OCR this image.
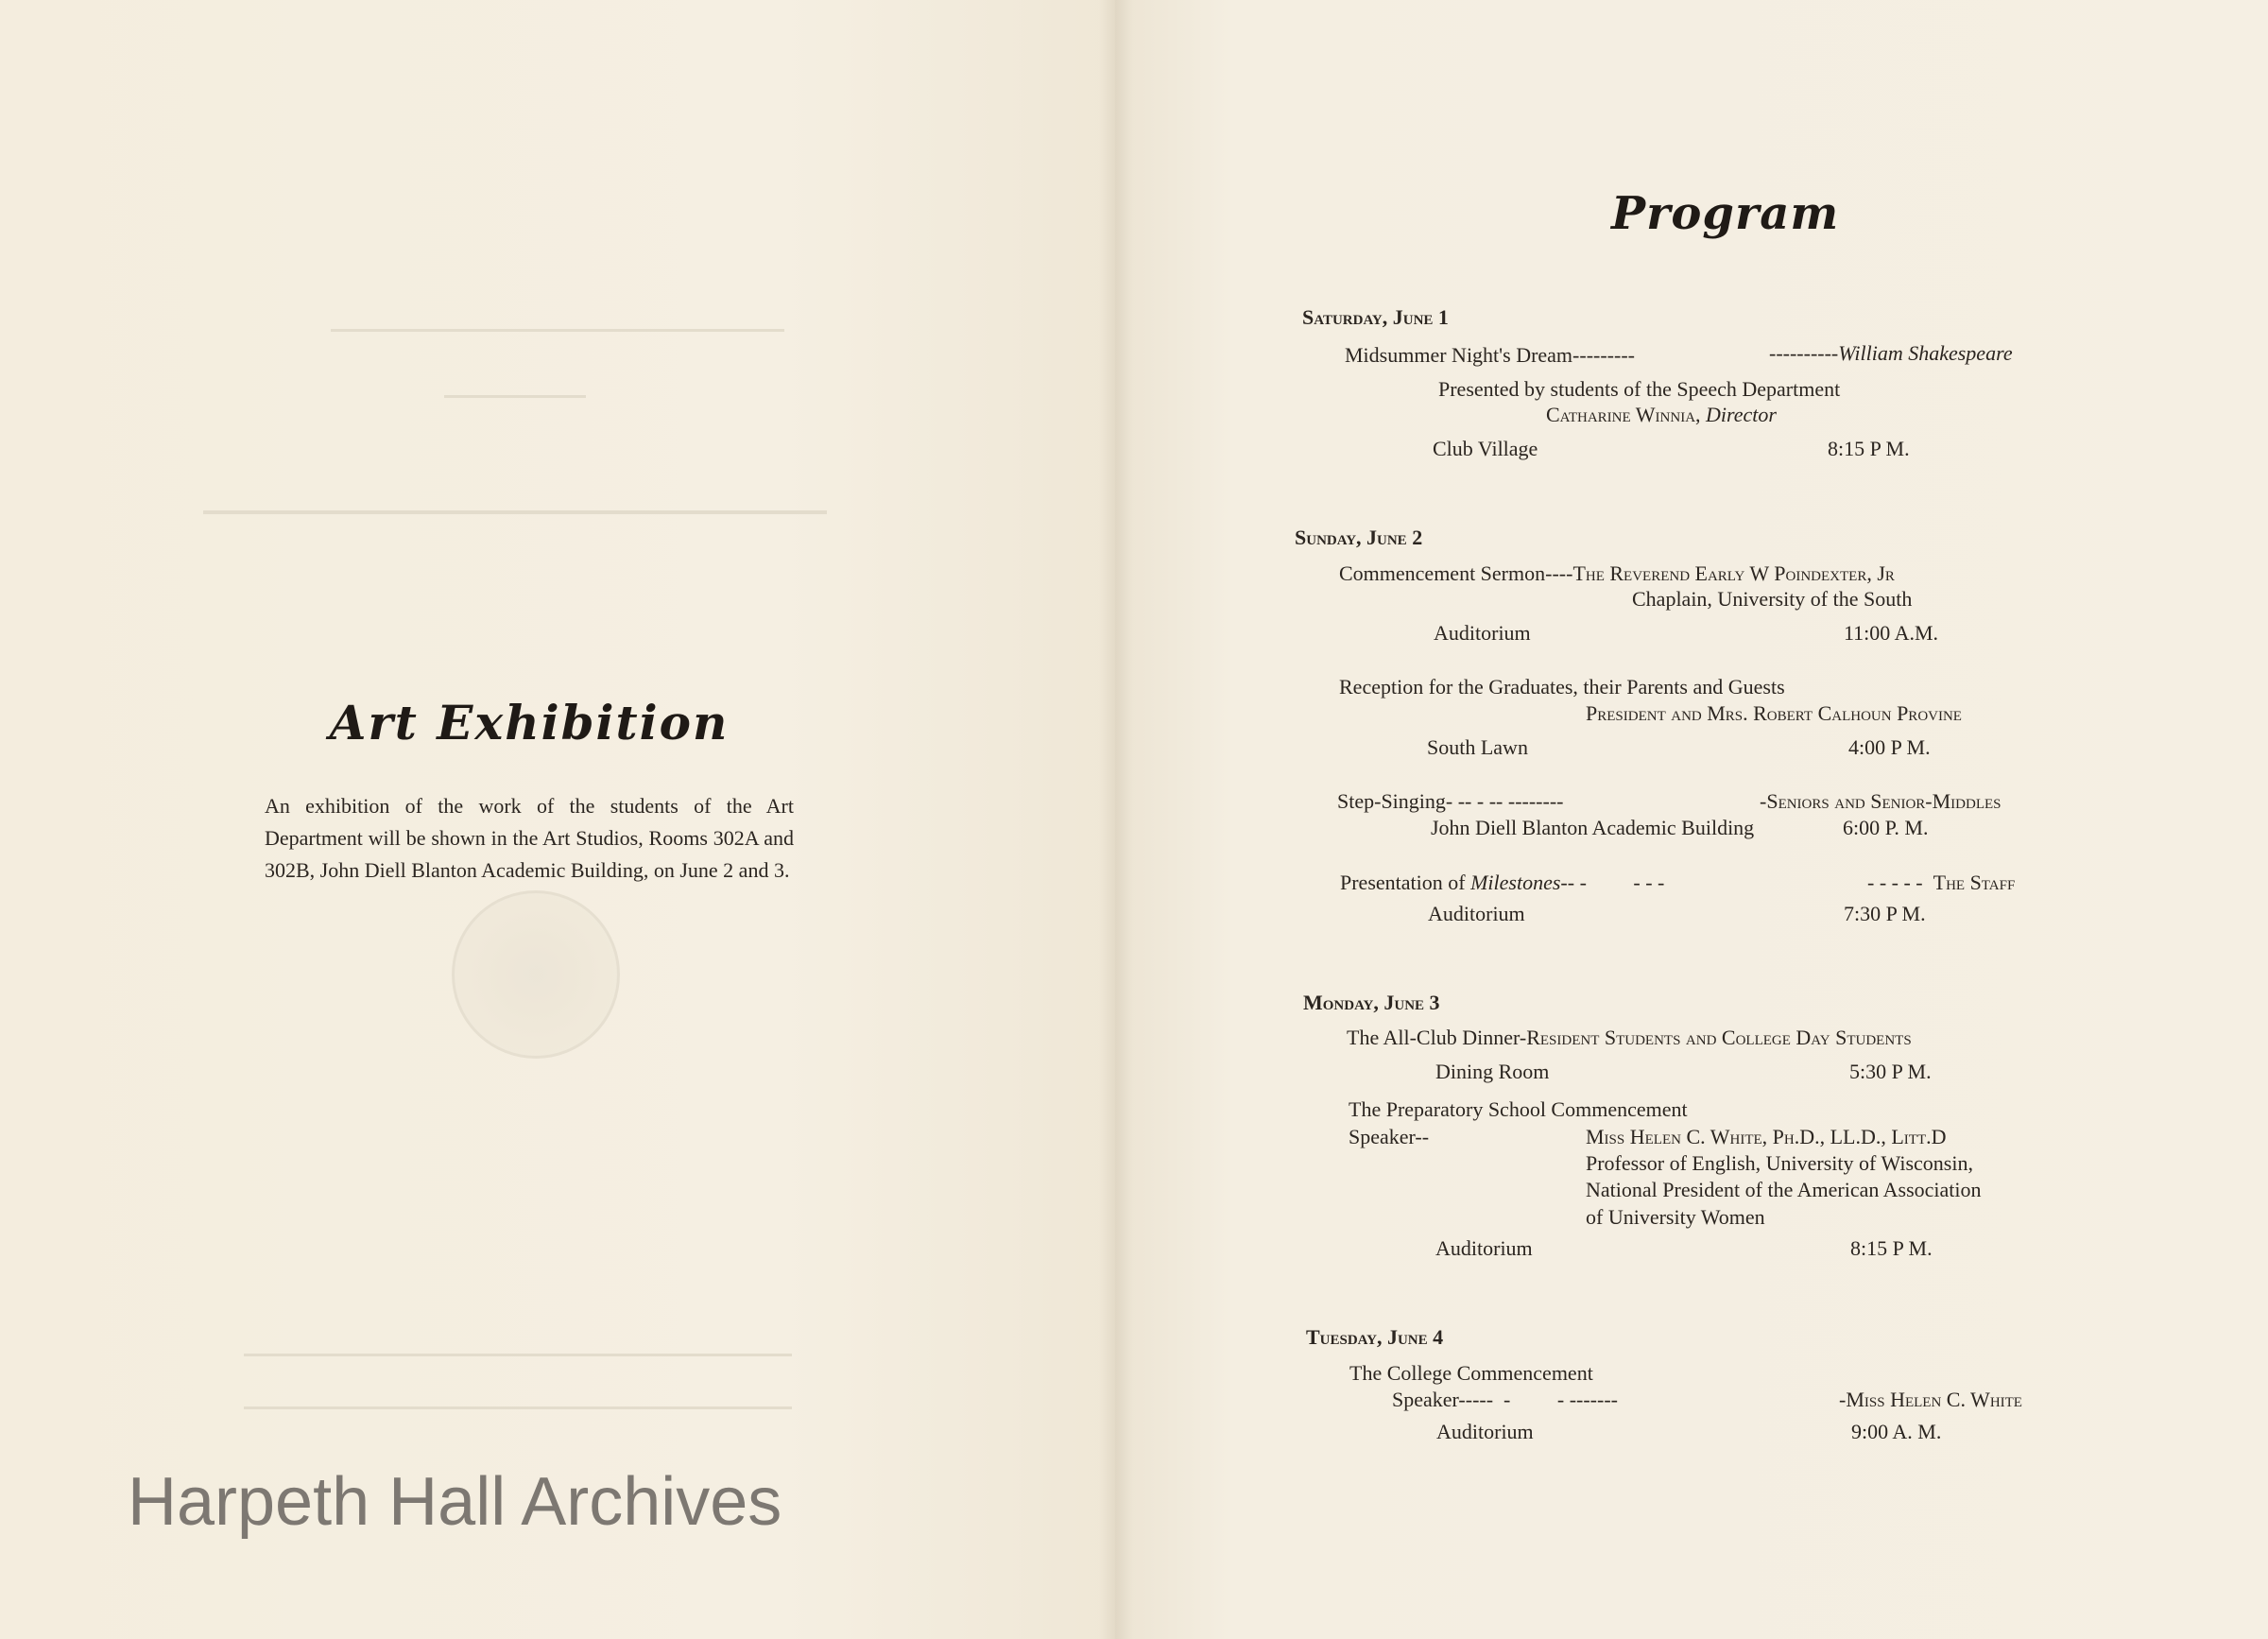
Art Exhibition

An exhibition of the work of the students of the Art Department will be shown in the Art Studios, Rooms 302A and 302B, John Diell Blanton Academic Building, on June 2 and 3.

Harpeth Hall Archives
Program
Saturday, June 1
Midsummer Night's Dream---------	----------William Shakespeare
Presented by students of the Speech Department
Catharine Winnia, Director
Club Village	8:15 P M.
Sunday, June 2
Commencement Sermon----The Reverend Early W Poindexter, Jr
Chaplain, University of the South
Auditorium	11:00 A.M.
Reception for the Graduates, their Parents and Guests
President and Mrs. Robert Calhoun Provine
South Lawn	4:00 P M.
Step-Singing- -- - -- --------	-Seniors and Senior-Middles
John Diell Blanton Academic Building	6:00 P. M.
Presentation of Milestones-- -         - - -	- - - - -  The Staff
Auditorium	7:30 P M.
Monday, June 3
The All-Club Dinner-Resident Students and College Day Students
Dining Room	5:30 P M.
The Preparatory School Commencement
Speaker--	Miss Helen C. White, Ph.D., LL.D., Litt.D
Professor of English, University of Wisconsin,
National President of the American Association
of University Women
Auditorium	8:15 P M.
Tuesday, June 4
The College Commencement
Speaker-----  -         - -------	-Miss Helen C. White
Auditorium	9:00 A. M.
